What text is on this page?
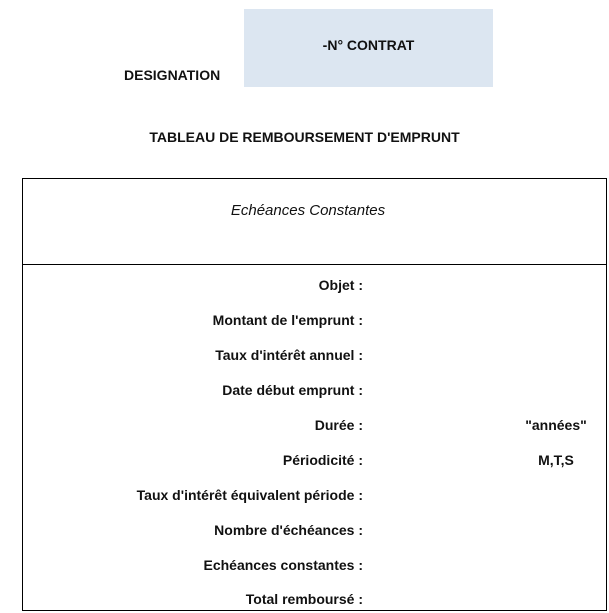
-N° CONTRAT
DESIGNATION
TABLEAU DE REMBOURSEMENT D'EMPRUNT
Echéances Constantes
Objet :
Montant de l'emprunt :
Taux d'intérêt annuel :
Date début emprunt :
Durée :	"années"
Périodicité :	M,T,S
Taux d'intérêt équivalent période :
Nombre d'échéances :
Echéances constantes :
Total remboursé :
